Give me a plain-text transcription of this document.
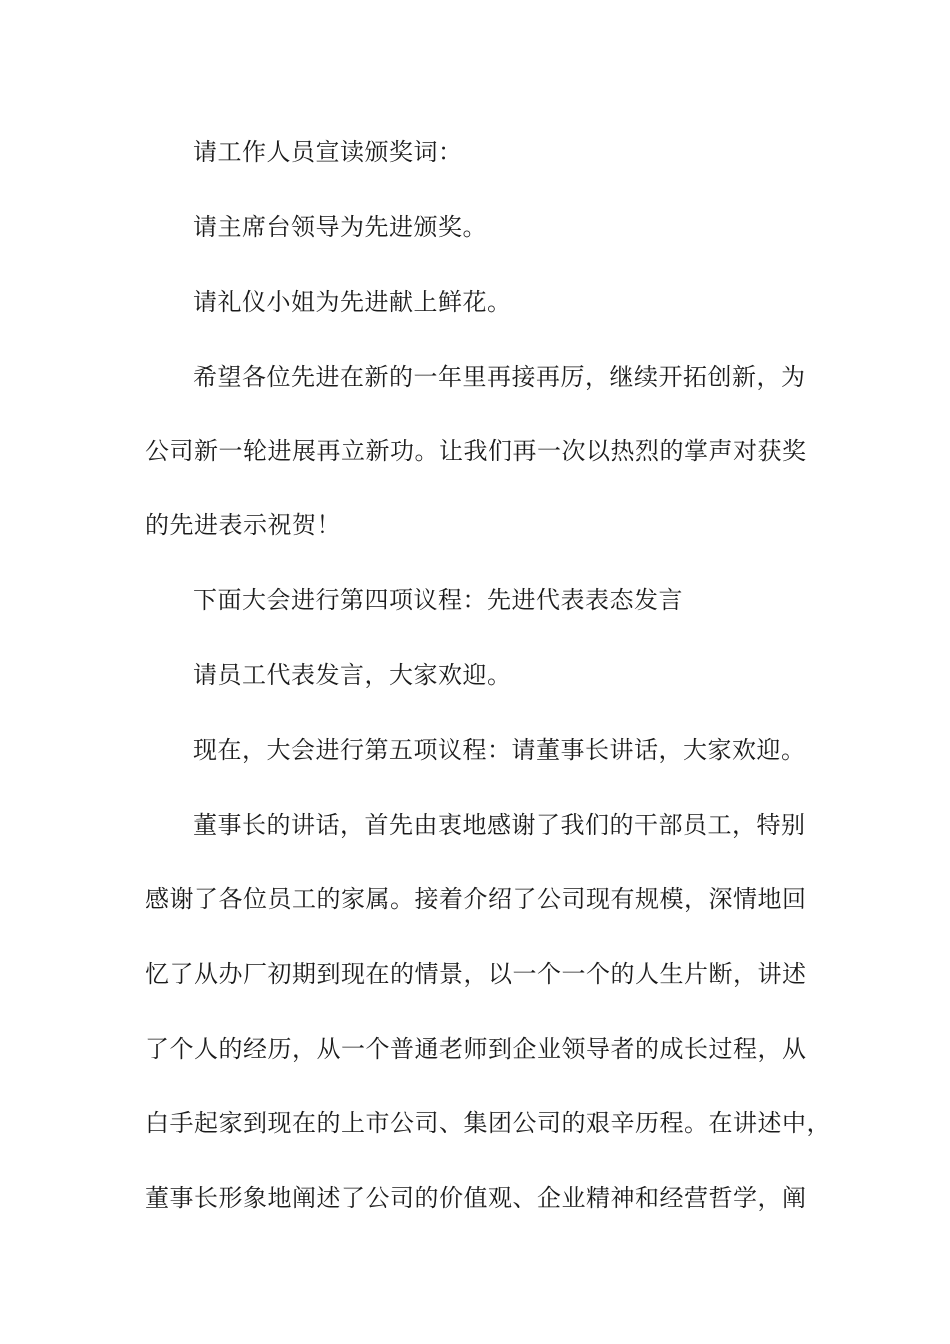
请工作人员宣读颁奖词：
请主席台领导为先进颁奖。
请礼仪小姐为先进献上鲜花。
希望各位先进在新的一年里再接再厉，继续开拓创新，为
公司新一轮进展再立新功。让我们再一次以热烈的掌声对获奖
的先进表示祝贺！
下面大会进行第四项议程：先进代表表态发言
请员工代表发言，大家欢迎。
现在，大会进行第五项议程：请董事长讲话，大家欢迎。
董事长的讲话，首先由衷地感谢了我们的干部员工，特别
感谢了各位员工的家属。接着介绍了公司现有规模，深情地回
忆了从办厂初期到现在的情景，以一个一个的人生片断，讲述
了个人的经历，从一个普通老师到企业领导者的成长过程，从
白手起家到现在的上市公司、集团公司的艰辛历程。在讲述中，
董事长形象地阐述了公司的价值观、企业精神和经营哲学，阐
